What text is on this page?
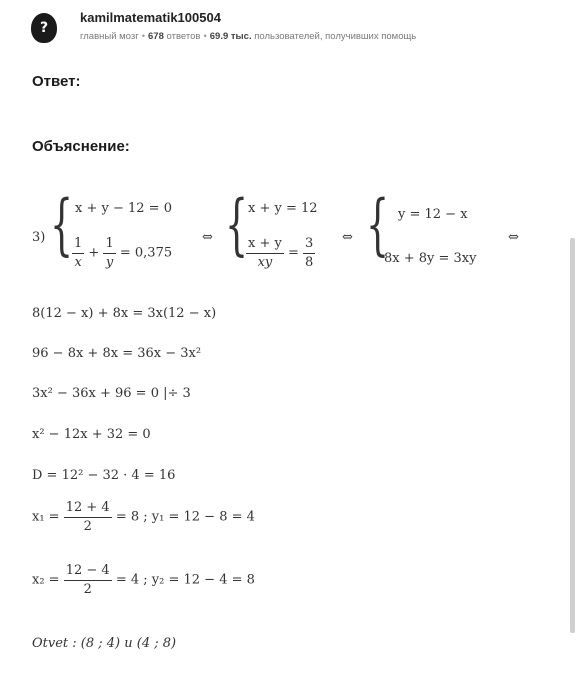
?
kamilmatematik100504
главный мозг • 678 ответов • 69.9 тыс. пользователей, получивших помощь
Ответ:
Объяснение:
3) { x + y − 12 = 0
$\frac{1}{x} + \frac{1}{y} = 0,375$
⇔ { x + y = 12
$\frac{x + y}{xy} = \frac{3}{8}$ ⇔ { y = 12 − x
8x + 8y = 3xy
⇔
8(12 − x) + 8x = 3x(12 − x)
96 − 8x + 8x = 36x − 3x²
3x² − 36x + 96 = 0 |÷ 3
x² − 12x + 32 = 0
D = 12² − 32 · 4 = 16
$x_1 = \frac{12 + 4}{2} = 8$ ; y₁ = 12 − 8 = 4
$x_2 = \frac{12 - 4}{2} = 4$ ; y₂ = 12 − 4 = 8
Otvet : (8 ; 4) u (4 ; 8)
